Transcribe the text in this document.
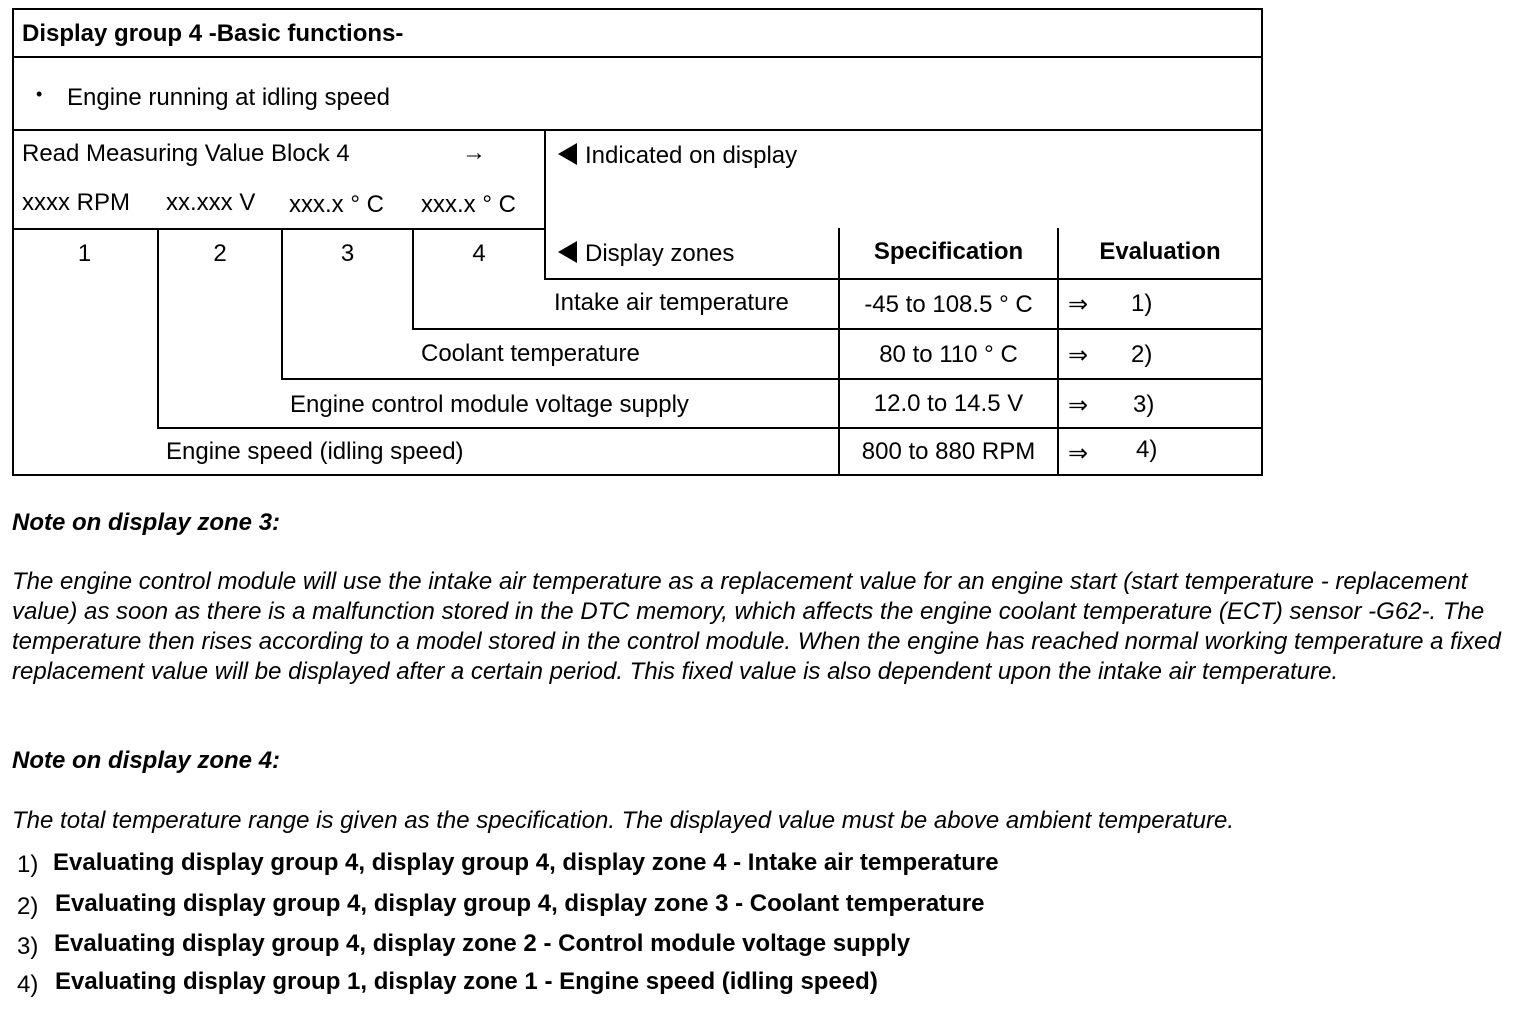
Display group 4 -Basic functions-
• Engine running at idling speed
Read Measuring Value Block 4	→	Indicated on display
xxxx RPM xx.xxx V xxx.x ° C xxx.x ° C
1	2	3	4	Display zones	Specification	Evaluation
Intake air temperature	-45 to 108.5 ° C	⇒ 1)
Coolant temperature	80 to 110 ° C	⇒ 2)
Engine control module voltage supply	12.0 to 14.5 V	⇒ 3)
Engine speed (idling speed)	800 to 880 RPM	⇒ 4)
Note on display zone 3:
The engine control module will use the intake air temperature as a replacement value for an engine start (start temperature - replacement value) as soon as there is a malfunction stored in the DTC memory, which affects the engine coolant temperature (ECT) sensor -G62-. The temperature then rises according to a model stored in the control module. When the engine has reached normal working temperature a fixed replacement value will be displayed after a certain period. This fixed value is also dependent upon the intake air temperature.
Note on display zone 4:
The total temperature range is given as the specification. The displayed value must be above ambient temperature.
1) Evaluating display group 4, display group 4, display zone 4 - Intake air temperature
2) Evaluating display group 4, display group 4, display zone 3 - Coolant temperature
3) Evaluating display group 4, display zone 2 - Control module voltage supply
4) Evaluating display group 1, display zone 1 - Engine speed (idling speed)
